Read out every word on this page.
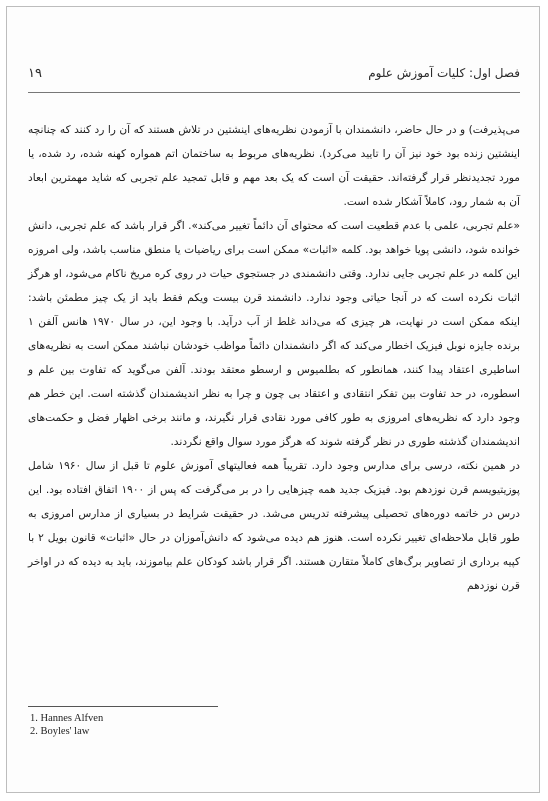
فصل اول: کلیات آموزش علوم
۱۹

می‌پذیرفت) و در حال حاضر، دانشمندان با آزمودن نظریه‌های اینشتین در تلاش هستند که آن را رد کنند که چنانچه اینشتین زنده بود خود نیز آن را تایید می‌کرد). نظریه‌های مربوط به ساختمان اتم همواره کهنه شده، رد شده، یا مورد تجدیدنظر قرار گرفته‌اند. حقیقت آن است که یک بعد مهم و قابل تمجید علم تجربی که شاید مهمترین ابعاد آن به شمار رود، کاملاً آشکار شده است.

«علم تجربی، علمی با عدم قطعیت است که محتوای آن دائماً تغییر می‌کند». اگر قرار باشد که علم تجربی، دانش خوانده شود، دانشی پویا خواهد بود. کلمه «اثبات» ممکن است برای ریاضیات یا منطق مناسب باشد، ولی امروزه این کلمه در علم تجربی جایی ندارد. وقتی دانشمندی در جستجوی حیات در روی کره مریخ ناکام می‌شود، او هرگز اثبات نکرده است که در آنجا حیاتی وجود ندارد. دانشمند قرن بیست ویکم فقط باید از یک چیز مطمئن باشد: اینکه ممکن است در نهایت، هر چیزی که می‌داند غلط از آب درآید. با وجود این، در سال ۱۹۷۰ هانس آلفن ۱ برنده جایزه نوبل فیزیک اخطار می‌کند که اگر دانشمندان دائماً مواظب خودشان نباشند ممکن است به نظریه‌های اساطیری اعتقاد پیدا کنند، همانطور که بطلمیوس و ارسطو معتقد بودند. آلفن می‌گوید که تفاوت بین علم و اسطوره، در حد تفاوت بین تفکر انتقادی و اعتقاد بی چون و چرا به نظر اندیشمندان گذشته است. این خطر هم وجود دارد که نظریه‌های امروزی به طور کافی مورد نقادی قرار نگیرند، و مانند برخی اظهار فضل و حکمت‌های اندیشمندان گذشته طوری در نظر گرفته شوند که هرگز مورد سوال واقع نگردند.

در همین نکته، درسی برای مدارس وجود دارد. تقریباً همه فعالیتهای آموزش علوم تا قبل از سال ۱۹۶۰ شامل پوزیتیویسم قرن نوزدهم بود. فیزیک جدید همه چیزهایی را در بر می‌گرفت که پس از ۱۹۰۰ اتفاق افتاده بود. این درس در خاتمه دوره‌های تحصیلی پیشرفته تدریس می‌شد. در حقیقت شرایط در بسیاری از مدارس امروزی به طور قابل ملاحظه‌ای تغییر نکرده است. هنوز هم دیده می‌شود که دانش‌آموزان در حال «اثبات» قانون بویل ۲ با کپیه برداری از تصاویر برگ‌های کاملاً متقارن هستند. اگر قرار باشد کودکان علم بیاموزند، باید به دیده که در اواخر قرن نوزدهم

1. Hannes Alfven
2. Boyles' law
